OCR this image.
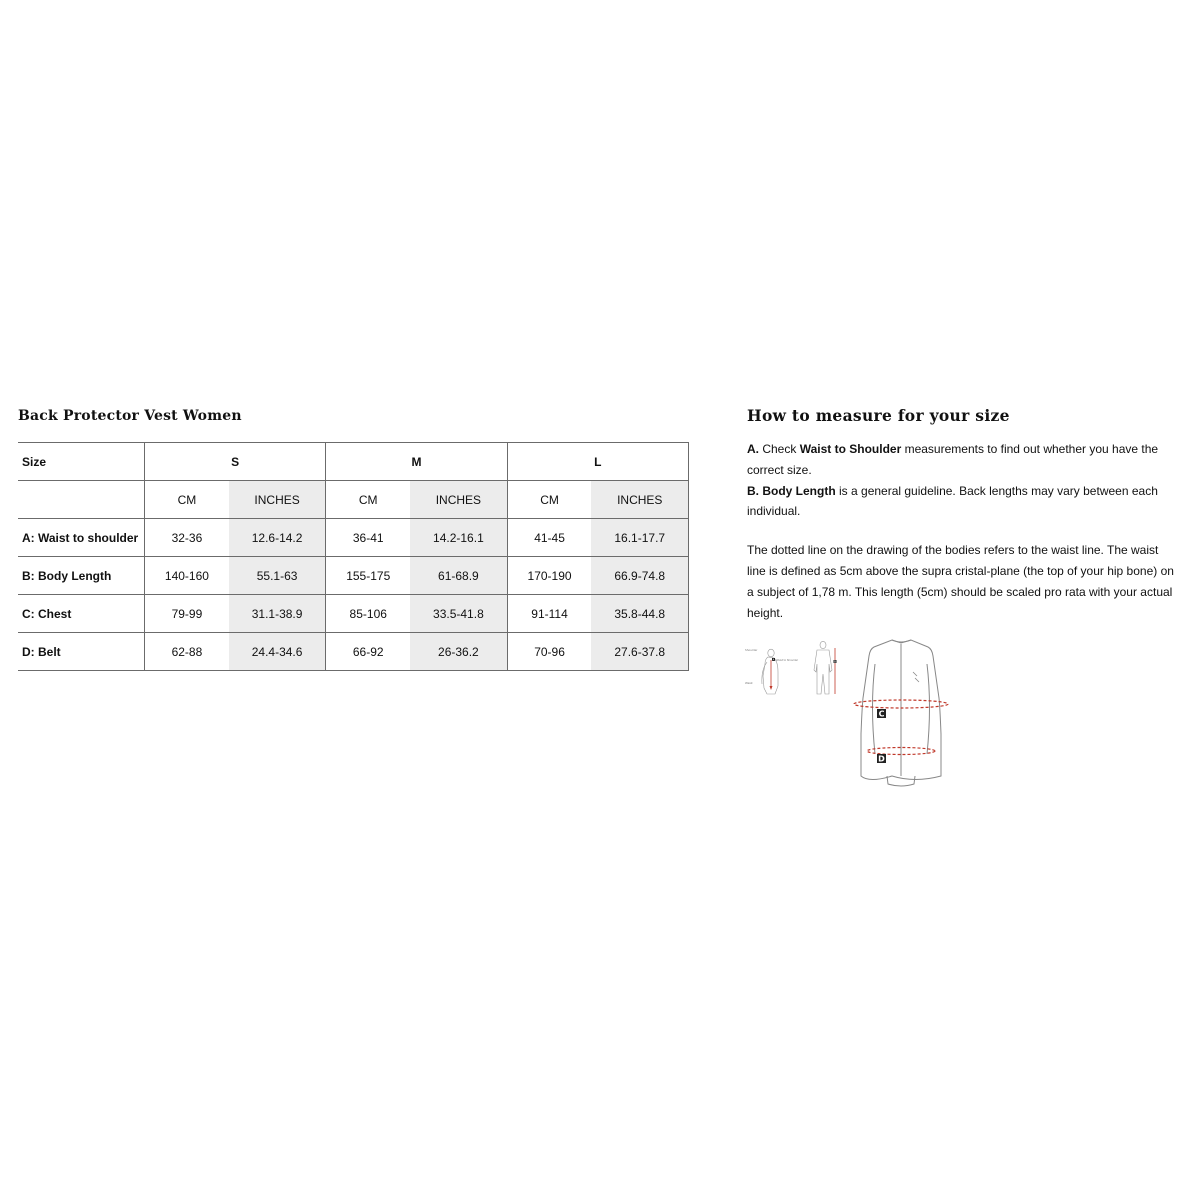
Back Protector Vest Women
Size	S		M		L	
	CM	INCHES	CM	INCHES	CM	INCHES
A: Waist to shoulder	32-36	12.6-14.2	36-41	14.2-16.1	41-45	16.1-17.7
B: Body Length	140-160	55.1-63	155-175	61-68.9	170-190	66.9-74.8
C: Chest	79-99	31.1-38.9	85-106	33.5-41.8	91-114	35.8-44.8
D: Belt	62-88	24.4-34.6	66-92	26-36.2	70-96	27.6-37.8
How to measure for your size

A. Check Waist to Shoulder measurements to find out whether you have the correct size.

B. Body Length is a general guideline. Back lengths may vary between each individual.

The dotted line on the drawing of the bodies refers to the waist line. The waist line is defined as 5cm above the supra cristal-plane (the top of your hip bone) on a subject of 1,78 m. This length (5cm) should be scaled pro rata with your actual height.

Shoulder
Waist
A Waist to Shoulder	B
C
D
